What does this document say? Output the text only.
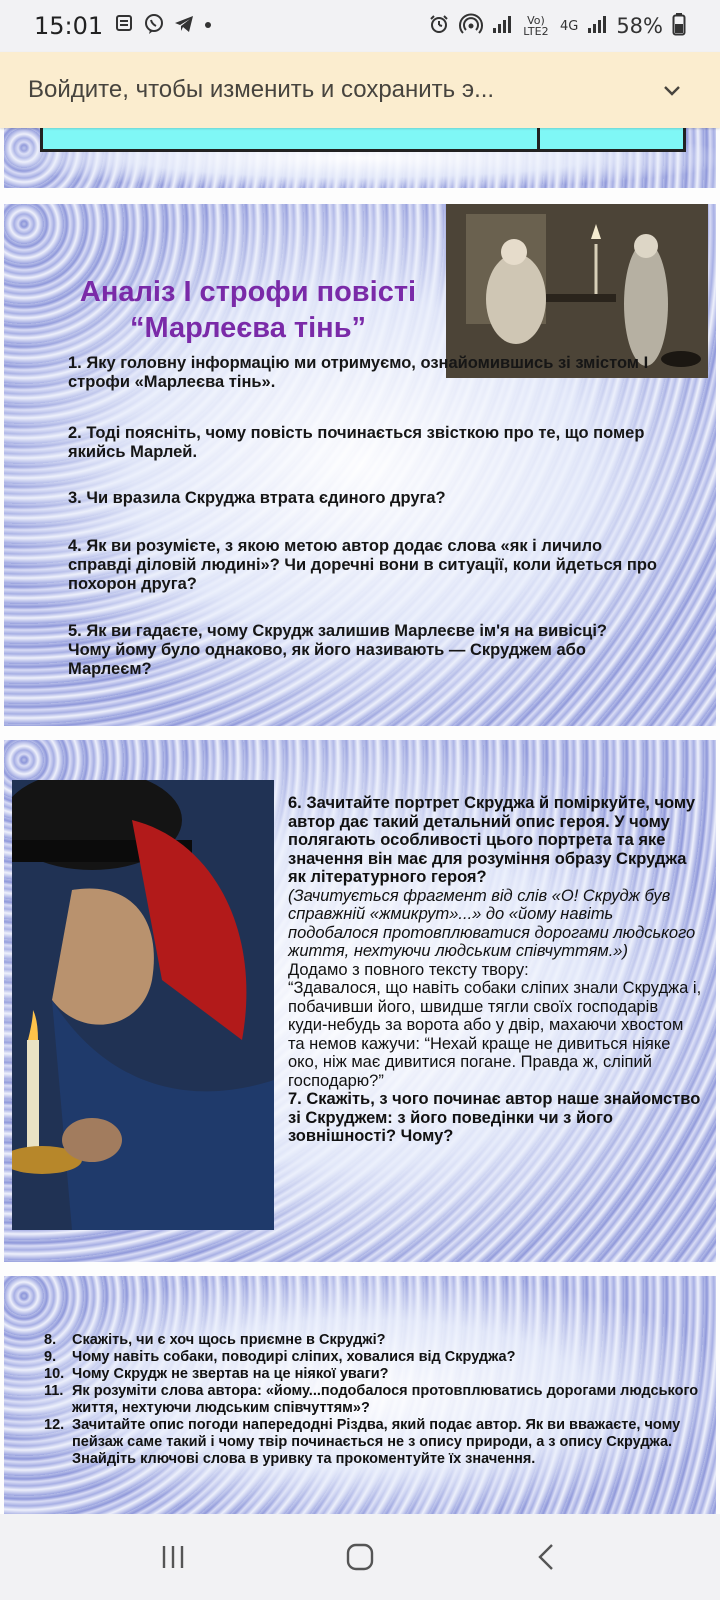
15:01	Vo) LTE2 4G 58%
Войдите, чтобы изменить и сохранить э...
Аналіз І строфи повісті “Марлеєва тінь”
1. Яку головну інформацію ми отримуємо, ознайомившись зі змістом І строфи «Марлеєва тінь».
2. Тоді поясніть, чому повість починається звісткою про те, що помер якийсь Марлей.
3. Чи вразила Скруджа втрата єдиного друга?
4. Як ви розумієте, з якою метою автор додає слова «як і личило справді діловій людині»? Чи доречні вони в ситуації, коли йдеться про похорон друга?
5. Як ви гадаєте, чому Скрудж залишив Марлеєве ім'я на вивісці? Чому йому було однаково, як його називають — Скруджем або Марлеєм?
6. Зачитайте портрет Скруджа й поміркуйте, чому автор дає такий детальний опис героя. У чому полягають особливості цього портрета та яке значення він має для розуміння образу Скруджа як літературного героя?
(Зачитується фрагмент від слів «О! Скрудж був справжній «жмикрут»...» до «йому навіть подобалося протовплюватися дорогами людського життя, нехтуючи людським співчуттям.»)
Додамо з повного тексту твору:
“Здавалося, що навіть собаки сліпих знали Скруджа і, побачивши його, швидше тягли своїх господарів куди-небудь за ворота або у двір, махаючи хвостом та немов кажучи: “Нехай краще не дивиться ніяке око, ніж має дивитися погане. Правда ж, сліпий господарю?”
7. Скажіть, з чого починає автор наше знайомство зі Скруджем: з його поведінки чи з його зовнішності? Чому?
8.	Скажіть, чи є хоч щось приємне в Скруджі?
9.	Чому навіть собаки, поводирі сліпих, ховалися від Скруджа?
10. Чому Скрудж не звертав на це ніякої уваги?
11. Як розуміти слова автора: «йому...подобалося протовплюватись дорогами людського життя, нехтуючи людським співчуттям»?
12. Зачитайте опис погоди напередодні Різдва, який подає автор. Як ви вважаєте, чому пейзаж саме такий і чому твір починається не з опису природи, а з опису Скруджа. Знайдіть ключові слова в уривку та прокоментуйте їх значення.
